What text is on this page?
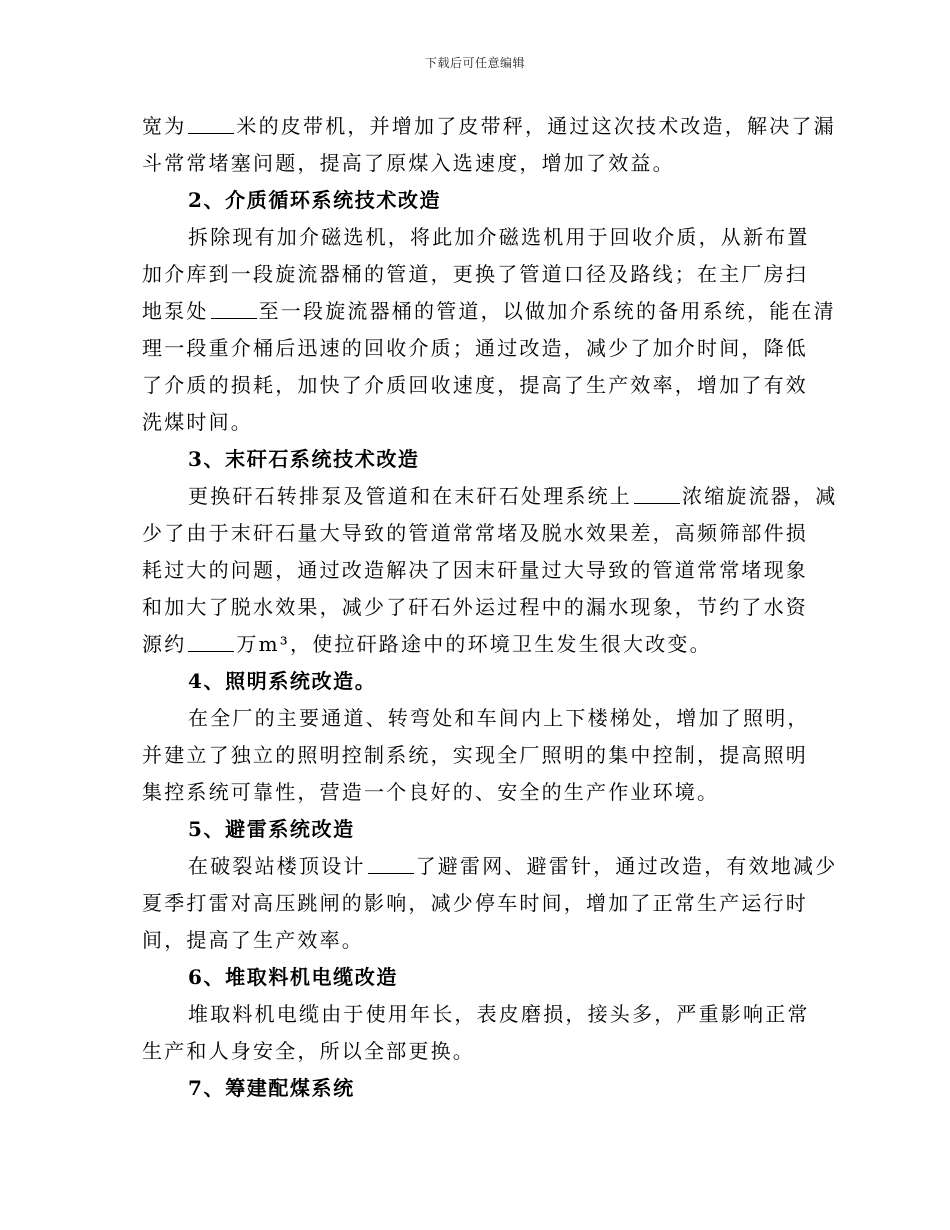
下载后可任意编辑
宽为	米的皮带机，并增加了皮带秤，通过这次技术改造，解决了漏
斗常常堵塞问题，提高了原煤入选速度，增加了效益。
2、介质循环系统技术改造
拆除现有加介磁选机，将此加介磁选机用于回收介质，从新布置
加介库到一段旋流器桶的管道，更换了管道口径及路线；在主厂房扫
地泵处	至一段旋流器桶的管道，以做加介系统的备用系统，能在清
理一段重介桶后迅速的回收介质；通过改造，减少了加介时间，降低
了介质的损耗，加快了介质回收速度，提高了生产效率，增加了有效
洗煤时间。
3、末矸石系统技术改造
更换矸石转排泵及管道和在末矸石处理系统上	浓缩旋流器，减
少了由于末矸石量大导致的管道常常堵及脱水效果差，高频筛部件损
耗过大的问题，通过改造解决了因末矸量过大导致的管道常常堵现象
和加大了脱水效果，减少了矸石外运过程中的漏水现象，节约了水资
源约	万m³，使拉矸路途中的环境卫生发生很大改变。
4、照明系统改造。
在全厂的主要通道、转弯处和车间内上下楼梯处，增加了照明，
并建立了独立的照明控制系统，实现全厂照明的集中控制，提高照明
集控系统可靠性，营造一个良好的、安全的生产作业环境。
5、避雷系统改造
在破裂站楼顶设计	了避雷网、避雷针，通过改造，有效地减少
夏季打雷对高压跳闸的影响，减少停车时间，增加了正常生产运行时
间，提高了生产效率。
6、堆取料机电缆改造
堆取料机电缆由于使用年长，表皮磨损，接头多，严重影响正常
生产和人身安全，所以全部更换。
7、筹建配煤系统
